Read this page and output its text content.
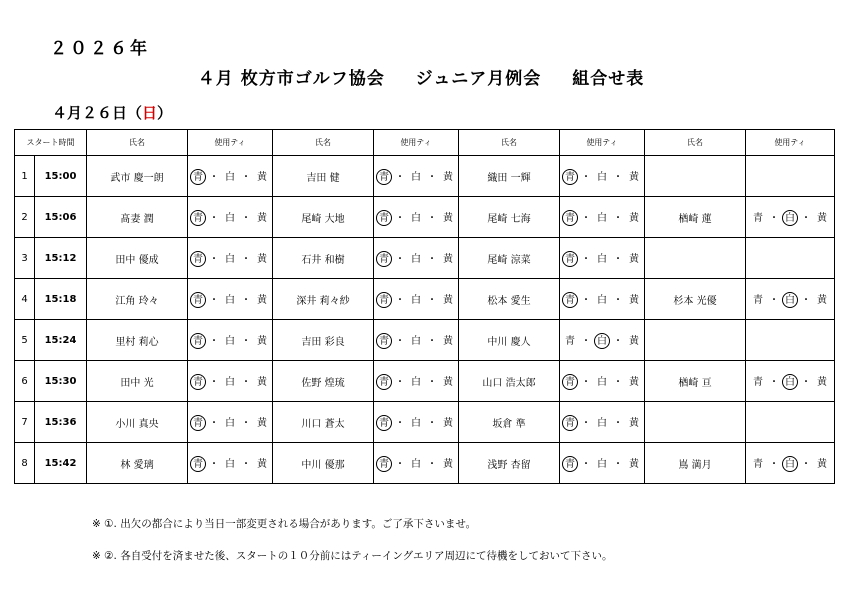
２０２６年
４月 枚方市ゴルフ協会 ジュニア月例会 組合せ表
４月２６日（日）
スタート時間		氏名	使用ティ	氏名	使用ティ	氏名	使用ティ	氏名	使用ティ
1	15:00	武市 慶一朗	青 ・ 白 ・ 黄	吉田 健	青 ・ 白 ・ 黄	織田 一輝	青 ・ 白 ・ 黄		
2	15:06	髙妻 潤	青 ・ 白 ・ 黄	尾崎 大地	青 ・ 白 ・ 黄	尾崎 七海	青 ・ 白 ・ 黄	楢崎 蓮	青 ・ 白 ・ 黄
3	15:12	田中 優成	青 ・ 白 ・ 黄	石井 和樹	青 ・ 白 ・ 黄	尾崎 涼菜	青 ・ 白 ・ 黄		
4	15:18	江角 玲々	青 ・ 白 ・ 黄	深井 莉々紗	青 ・ 白 ・ 黄	松本 愛生	青 ・ 白 ・ 黄	杉本 光優	青 ・ 白 ・ 黄
5	15:24	里村 莉心	青 ・ 白 ・ 黄	吉田 彩良	青 ・ 白 ・ 黄	中川 慶人	青 ・ 白 ・ 黄		
6	15:30	田中 光	青 ・ 白 ・ 黄	佐野 煌琉	青 ・ 白 ・ 黄	山口 浩太郎	青 ・ 白 ・ 黄	楢崎 亘	青 ・ 白 ・ 黄
7	15:36	小川 真央	青 ・ 白 ・ 黄	川口 蒼太	青 ・ 白 ・ 黄	坂倉 準	青 ・ 白 ・ 黄		
8	15:42	林 愛璃	青 ・ 白 ・ 黄	中川 優那	青 ・ 白 ・ 黄	浅野 杏留	青 ・ 白 ・ 黄	嶌 満月	青 ・ 白 ・ 黄
※ ①. 出欠の都合により当日一部変更される場合があります。ご了承下さいませ。
※ ②. 各自受付を済ませた後、スタートの１０分前にはティーイングエリア周辺にて待機をしておいて下さい。
